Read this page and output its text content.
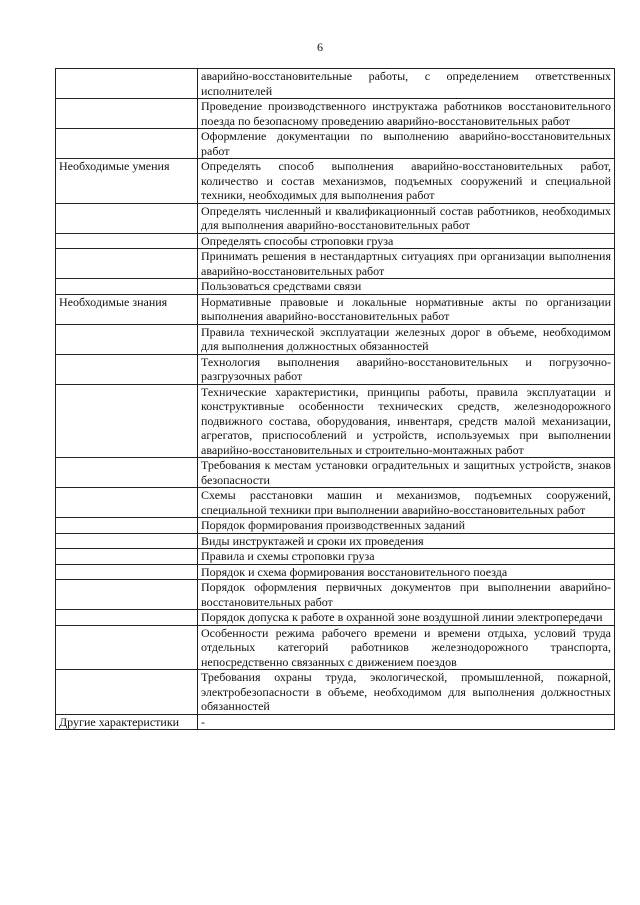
6
	аварийно-восстановительные работы, с определением ответственных исполнителей
	Проведение производственного инструктажа работников восстановительного поезда по безопасному проведению аварийно-восстановительных работ
	Оформление документации по выполнению аварийно-восстановительных работ
Необходимые умения	Определять способ выполнения аварийно-восстановительных работ, количество и состав механизмов, подъемных сооружений и специальной техники, необходимых для выполнения работ
	Определять численный и квалификационный состав работников, необходимых для выполнения аварийно-восстановительных работ
	Определять способы строповки груза
	Принимать решения в нестандартных ситуациях при организации выполнения аварийно-восстановительных работ
	Пользоваться средствами связи
Необходимые знания	Нормативные правовые и локальные нормативные акты по организации выполнения аварийно-восстановительных работ
	Правила технической эксплуатации железных дорог в объеме, необходимом для выполнения должностных обязанностей
	Технология выполнения аварийно-восстановительных и погрузочно-разгрузочных работ
	Технические характеристики, принципы работы, правила эксплуатации и конструктивные особенности технических средств, железнодорожного подвижного состава, оборудования, инвентаря, средств малой механизации, агрегатов, приспособлений и устройств, используемых при выполнении аварийно-восстановительных и строительно-монтажных работ
	Требования к местам установки оградительных и защитных устройств, знаков безопасности
	Схемы расстановки машин и механизмов, подъемных сооружений, специальной техники при выполнении аварийно-восстановительных работ
	Порядок формирования производственных заданий
	Виды инструктажей и сроки их проведения
	Правила и схемы строповки груза
	Порядок и схема формирования восстановительного поезда
	Порядок оформления первичных документов при выполнении аварийно-восстановительных работ
	Порядок допуска к работе в охранной зоне воздушной линии электропередачи
	Особенности режима рабочего времени и времени отдыха, условий труда отдельных категорий работников железнодорожного транспорта, непосредственно связанных с движением поездов
	Требования охраны труда, экологической, промышленной, пожарной, электробезопасности в объеме, необходимом для выполнения должностных обязанностей
Другие характеристики	-
